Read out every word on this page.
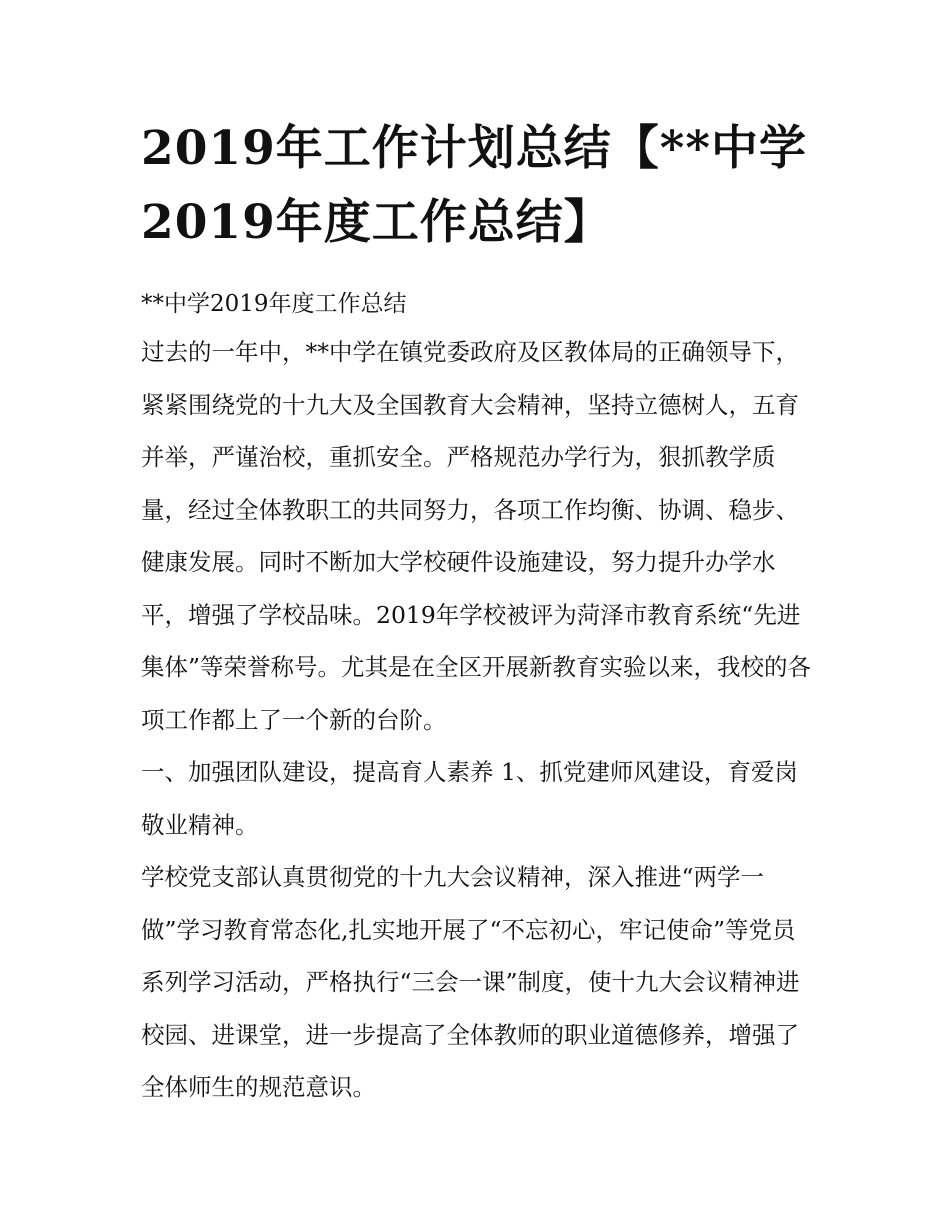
2019年工作计划总结【**中学2019年度工作总结】
**中学2019年度工作总结

过去的一年中，**中学在镇党委政府及区教体局的正确领导下，紧紧围绕党的十九大及全国教育大会精神，坚持立德树人，五育并举，严谨治校，重抓安全。严格规范办学行为，狠抓教学质量，经过全体教职工的共同努力，各项工作均衡、协调、稳步、健康发展。同时不断加大学校硬件设施建设，努力提升办学水平，增强了学校品味。2019年学校被评为菏泽市教育系统“先进集体”等荣誉称号。尤其是在全区开展新教育实验以来，我校的各项工作都上了一个新的台阶。

一、加强团队建设，提高育人素养 1、抓党建师风建设，育爱岗敬业精神。

学校党支部认真贯彻党的十九大会议精神，深入推进“两学一做”学习教育常态化,扎实地开展了“不忘初心，牢记使命”等党员系列学习活动，严格执行“三会一课”制度，使十九大会议精神进校园、进课堂，进一步提高了全体教师的职业道德修养，增强了全体师生的规范意识。
